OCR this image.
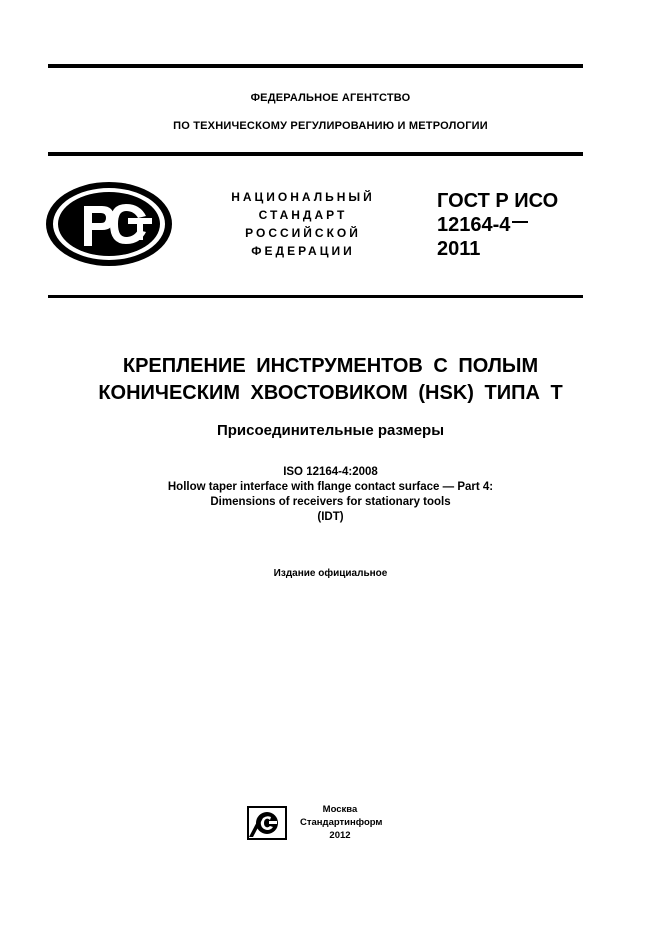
ФЕДЕРАЛЬНОЕ АГЕНТСТВО
ПО ТЕХНИЧЕСКОМУ РЕГУЛИРОВАНИЮ И МЕТРОЛОГИИ
НАЦИОНАЛЬНЫЙ
СТАНДАРТ
РОССИЙСКОЙ
ФЕДЕРАЦИИ
ГОСТ Р ИСО
12164-4
2011
КРЕПЛЕНИЕ ИНСТРУМЕНТОВ С ПОЛЫМ
КОНИЧЕСКИМ ХВОСТОВИКОМ (HSK) ТИПА Т
Присоединительные размеры
ISO 12164-4:2008
Hollow taper interface with flange contact surface — Part 4:
Dimensions of receivers for stationary tools
(IDT)
Издание официальное
Москва
Стандартинформ
2012
